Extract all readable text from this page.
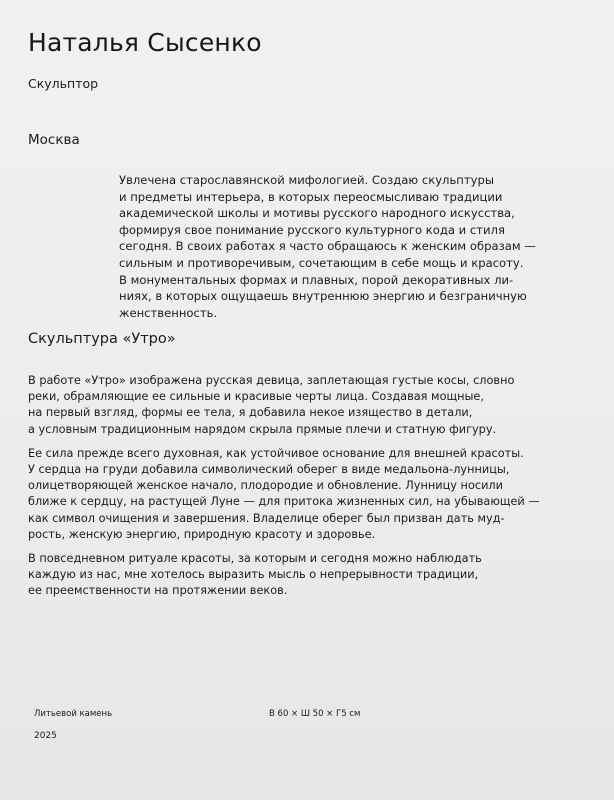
Наталья Сысенко
Скульптор
Москва
Увлечена старославянской мифологией. Создаю скульптуры
и предметы интерьера, в которых переосмысливаю традиции
академической школы и мотивы русского народного искусства,
формируя свое понимание русского культурного кода и стиля
сегодня. В своих работах я часто обращаюсь к женским образам —
сильным и противоречивым, сочетающим в себе мощь и красоту.
В монументальных формах и плавных, порой декоративных ли-
ниях, в которых ощущаешь внутреннюю энергию и безграничную
женственность.
Скульптура «Утро»

В работе «Утро» изображена русская девица, заплетающая густые косы, словно
реки, обрамляющие ее сильные и красивые черты лица. Создавая мощные,
на первый взгляд, формы ее тела, я добавила некое изящество в детали,
а условным традиционным нарядом скрыла прямые плечи и статную фигуру.

Ее сила прежде всего духовная, как устойчивое основание для внешней красоты.
У сердца на груди добавила символический оберег в виде медальона-лунницы,
олицетворяющей женское начало, плодородие и обновление. Лунницу носили
ближе к сердцу, на растущей Луне — для притока жизненных сил, на убывающей —
как символ очищения и завершения. Владелице оберег был призван дать муд-
рость, женскую энергию, природную красоту и здоровье.

В повседневном ритуале красоты, за которым и сегодня можно наблюдать
каждую из нас, мне хотелось выразить мысль о непрерывности традиции,
ее преемственности на протяжении веков.

Литьевой камень	В 60 × Ш 50 × Г5 см
2025
